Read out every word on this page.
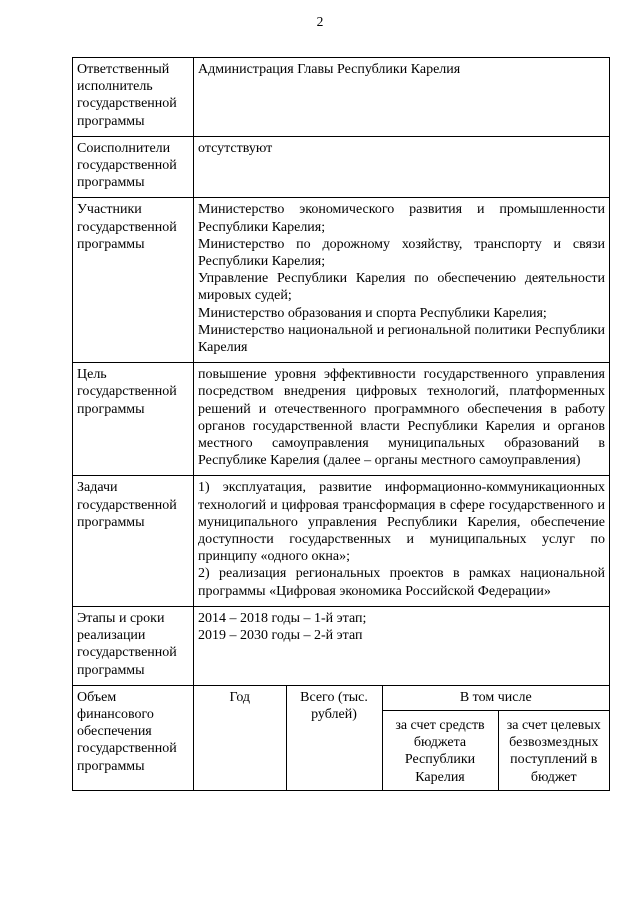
2
Ответственный исполнитель государственной программы	
Администрация Главы Республики Карелия

Соисполнители государственной программы	
отсутствуют

Участники государственной программы	
Министерство экономического развития и промышленности Республики Карелия;
Министерство по дорожному хозяйству, транспорту и связи Республики Карелия;
Управление Республики Карелия по обеспечению деятельности мировых судей;
Министерство образования и спорта Республики Карелия;
Министерство национальной и региональной политики Республики Карелия

Цель государственной программы	
повышение уровня эффективности государственного управления посредством внедрения цифровых технологий, платформенных решений и отечественного программного обеспечения в работу органов государственной власти Республики Карелия и органов местного самоуправления муниципальных образований в Республике Карелия (далее – органы местного самоуправления)

Задачи государственной программы	
1) эксплуатация, развитие информационно-коммуникационных технологий и цифровая трансформация в сфере государственного и муниципального управления Республики Карелия, обеспечение доступности государственных и муниципальных услуг по принципу «одного окна»;
2) реализация региональных проектов в рамках национальной программы «Цифровая экономика Российской Федерации»

Этапы и сроки реализации государственной программы	
2014 – 2018 годы – 1-й этап;
2019 – 2030 годы – 2-й этап

Объем финансового обеспечения государственной программы	
Год	Всего (тыс. рублей)	В том числе
за счет средств бюджета Республики Карелия	за счет целевых безвозмездных поступлений в бюджет
